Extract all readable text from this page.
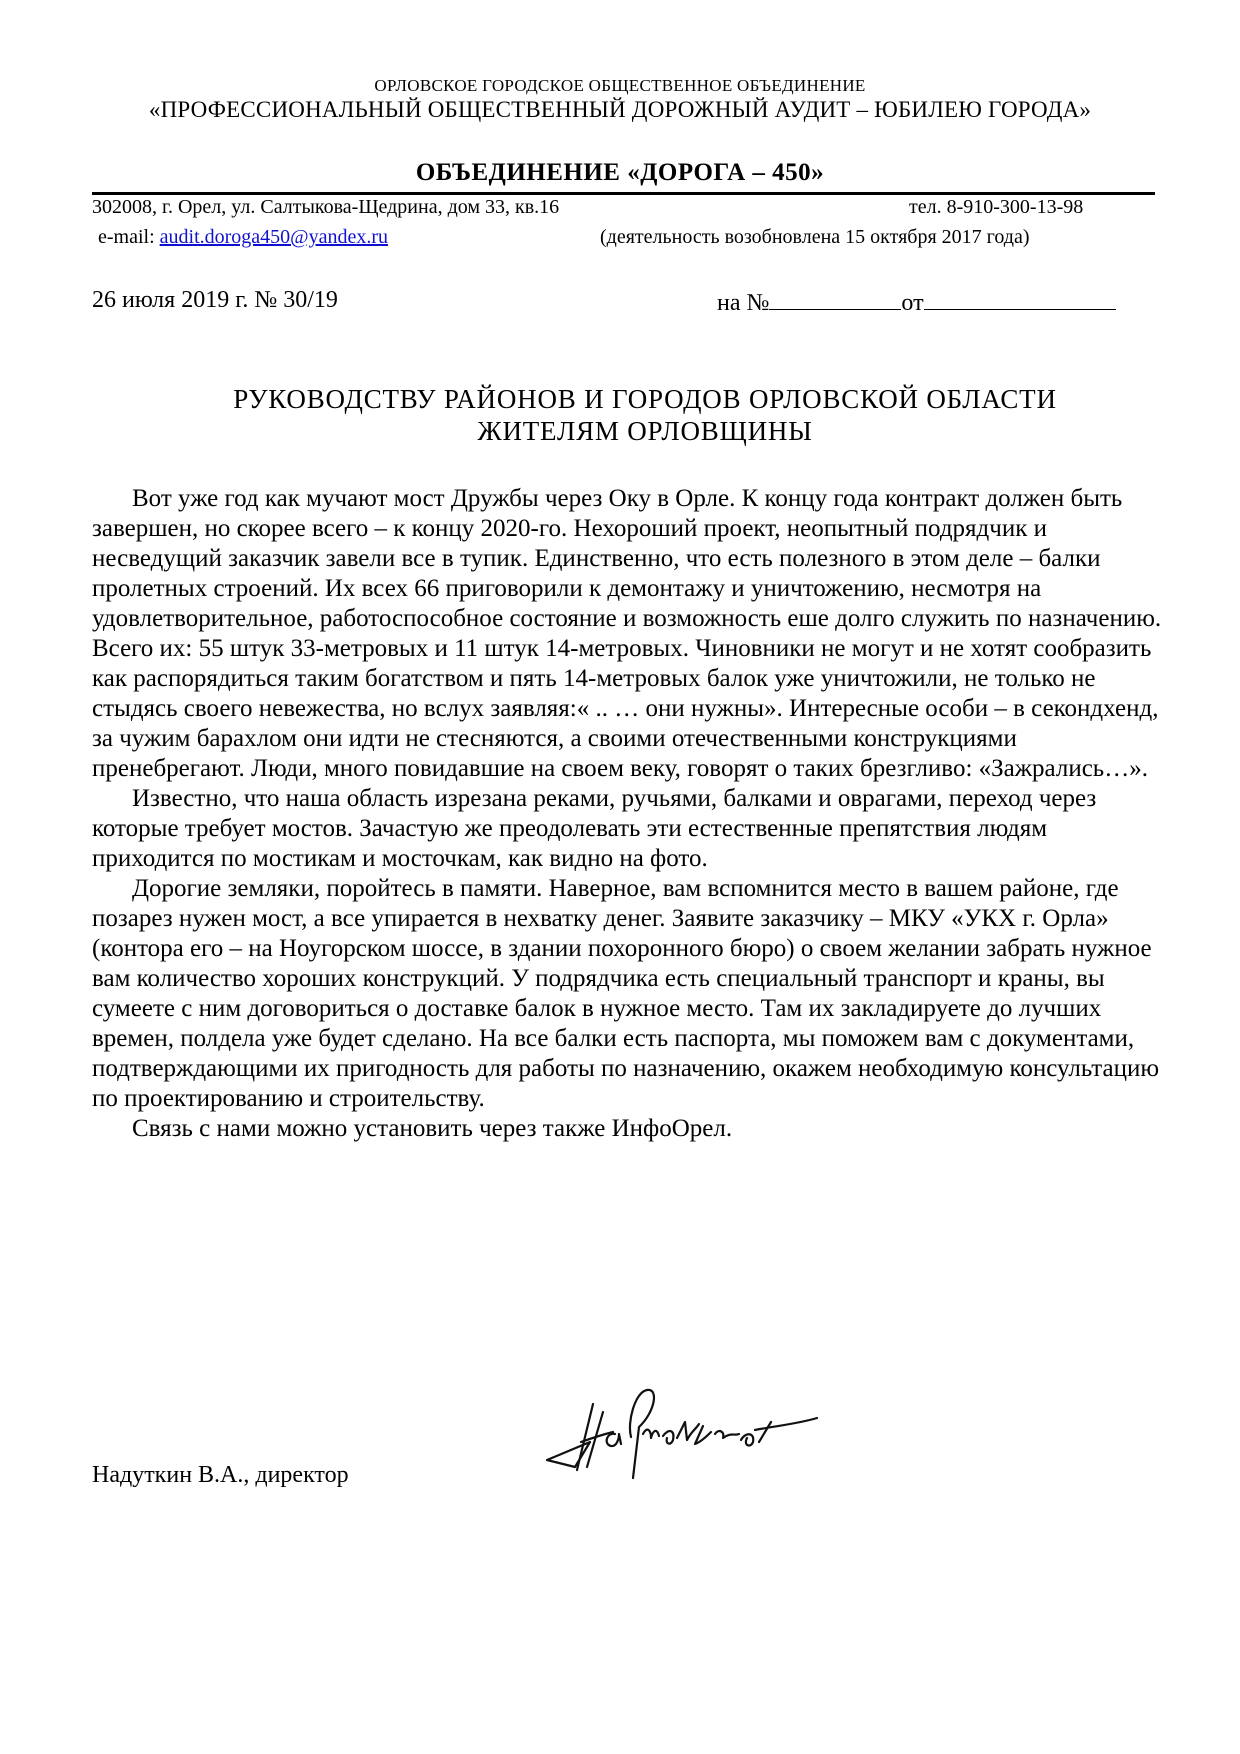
ОРЛОВСКОЕ ГОРОДСКОЕ ОБЩЕСТВЕННОЕ ОБЪЕДИНЕНИЕ
«ПРОФЕССИОНАЛЬНЫЙ ОБЩЕСТВЕННЫЙ ДОРОЖНЫЙ АУДИТ – ЮБИЛЕЮ ГОРОДА»
ОБЪЕДИНЕНИЕ «ДОРОГА – 450»
302008, г. Орел, ул. Салтыкова-Щедрина, дом 33, кв.16	тел. 8-910-300-13-98
e-mail: audit.doroga450@yandex.ru	(деятельность возобновлена 15 октября 2017 года)
26 июля 2019 г. № 30/19	на №	от
РУКОВОДСТВУ РАЙОНОВ И ГОРОДОВ ОРЛОВСКОЙ ОБЛАСТИ
ЖИТЕЛЯМ ОРЛОВЩИНЫ

Вот уже год как мучают мост Дружбы через Оку в Орле. К концу года контракт должен быть завершен, но скорее всего – к концу 2020-го. Нехороший проект, неопытный подрядчик и несведущий заказчик завели все в тупик. Единственно, что есть полезного в этом деле – балки пролетных строений. Их всех 66 приговорили к демонтажу и уничтожению, несмотря на удовлетворительное, работоспособное состояние и возможность еше долго служить по назначению. Всего их: 55 штук 33-метровых и 11 штук 14-метровых. Чиновники не могут и не хотят сообразить как распорядиться таким богатством и пять 14-метровых балок уже уничтожили, не только не стыдясь своего невежества, но вслух заявляя:« .. … они нужны». Интересные особи – в секондхенд, за чужим барахлом они идти не стесняются, а своими отечественными конструкциями пренебрегают. Люди, много повидавшие на своем веку, говорят о таких брезгливо: «Зажрались…».

Известно, что наша область изрезана реками, ручьями, балками и оврагами, переход через которые требует мостов. Зачастую же преодолевать эти естественные препятствия людям приходится по мостикам и мосточкам, как видно на фото.

Дорогие земляки, поройтесь в памяти. Наверное, вам вспомнится место в вашем районе, где позарез нужен мост, а все упирается в нехватку денег. Заявите заказчику – МКУ «УКХ г. Орла» (контора его – на Ноугорском шоссе, в здании похоронного бюро) о своем желании забрать нужное вам количество хороших конструкций. У подрядчика есть специальный транспорт и краны, вы сумеете с ним договориться о доставке балок в нужное место. Там их закладируете до лучших времен, полдела уже будет сделано. На все балки есть паспорта, мы поможем вам с документами, подтверждающими их пригодность для работы по назначению, окажем необходимую консультацию по проектированию и строительству.

Связь с нами можно установить через также ИнфоОрел.

Надуткин В.А., директор
